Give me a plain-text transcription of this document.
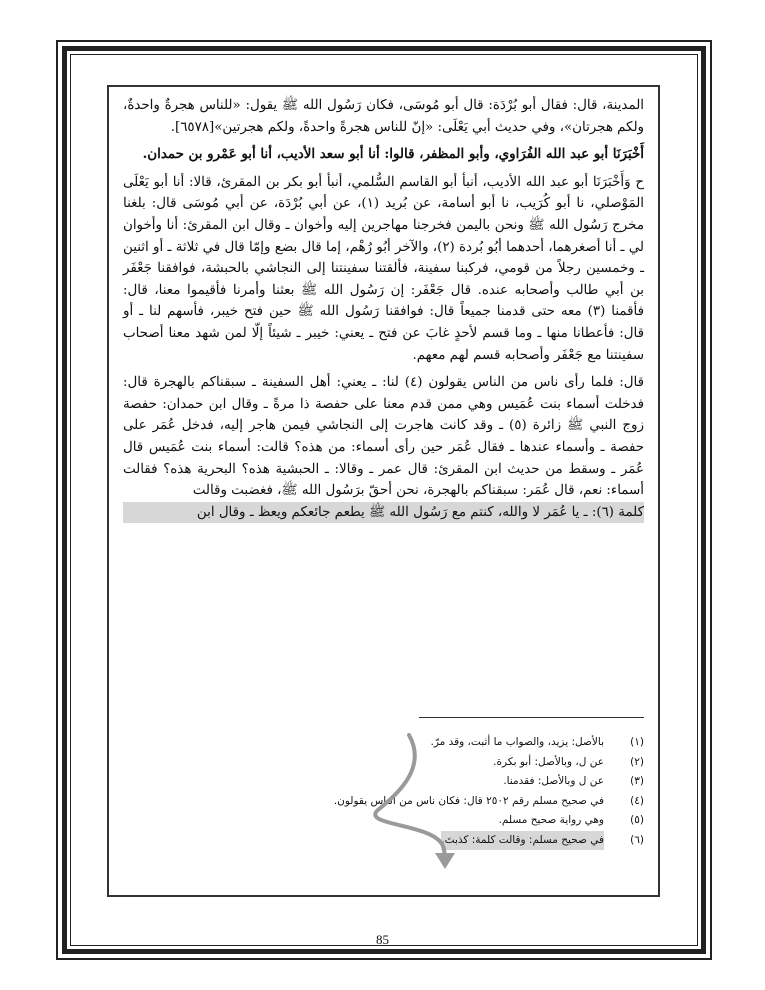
المدينة، قال: فقال أبو بُرْدَة: قال أبو مُوسَى، فكان رَسُول الله ﷺ يقول: «للناس هجرةٌ واحدةٌ، ولكم هجرتان»، وفي حديث أبي يَعْلَى: «إنّ للناس هجرةً واحدةً، ولكم هجرتين»[٦٥٧٨].

أَخْبَرَنَا أبو عبد الله الفُرَاوي، وأبو المظفر، قالوا: أنا أبو سعد الأديب، أنا أبو عَمْرو بن حمدان.

ح وَأَخْبَرَنَا أبو عبد الله الأديب، أنبأ أبو القاسم السُّلمي، أنبأ أبو بكر بن المقرئ، قالا: أنا أبو يَعْلَى المَوْصلي، نا أبو كُرَيب، نا أبو أسامة، عن بُريد (١)، عن أبي بُرْدَة، عن أبي مُوسَى قال: بلغنا مخرج رَسُول الله ﷺ ونحن باليمن فخرجنا مهاجرين إليه وأخوان ـ وقال ابن المقرئ: أنا وأخوان لي ـ أنا أصغرهما، أحدهما أبُو بُردة (٢)، والآخر أبُو رُهْم، إما قال بضع وإمّا قال في ثلاثة ـ أو اثنين ـ وخمسين رجلاً من قومي، فركبنا سفينة، فألقتنا سفينتنا إلى النجاشي بالحبشة، فوافقنا جَعْفَر بن أبي طالب وأصحابه عنده. قال جَعْفَر: إن رَسُول الله ﷺ بعثنا وأمرنا فأقيموا معنا، قال: فأقمنا (٣) معه حتى قدمنا جميعاً قال: فوافقنا رَسُول الله ﷺ حين فتح خيبر، فأسهم لنا ـ أو قال: فأعطانا منها ـ وما قسم لأحدٍ غابَ عن فتح ـ يعني: خيبر ـ شيئاً إلّا لمن شهد معنا أصحاب سفينتنا مع جَعْفَر وأصحابه قسم لهم معهم.

قال: فلما رأى ناس من الناس يقولون (٤) لنا: ـ يعني: أهل السفينة ـ سبقناكم بالهجرة قال: فدخلت أسماء بنت عُمَيس وهي ممن قدم معنا على حفصة ذا مرةً ـ وقال ابن حمدان: حفصة زوج النبي ﷺ زائرة (٥) ـ وقد كانت هاجرت إلى النجاشي فيمن هاجر إليه، فدخل عُمَر على حفصة ـ وأسماء عندها ـ فقال عُمَر حين رأى أسماء: من هذه؟ قالت: أسماء بنت عُمَيس قال عُمَر ـ وسقط من حديث ابن المقرئ: قال عمر ـ وقالا: ـ الحبشية هذه؟ البحرية هذه؟ فقالت أسماء: نعم، قال عُمَر: سبقناكم بالهجرة، نحن أحقّ برَسُول الله ﷺ، فغضبت وقالت

كلمة (٦): ـ يا عُمَر لا والله، كنتم مع رَسُول الله ﷺ يطعم جائعكم ويعظ ـ وقال ابن

(١)
بالأصل: يزيد، والصواب ما أثبت، وقد مرّ.
(٢)
عن ل، وبالأصل: أبو بكرة.
(٣)
عن ل وبالأصل: فقدمنا.
(٤)
في صحيح مسلم رقم ٢٥٠٢ قال: فكان ناس من الناس يقولون.
(٥)
وهي رواية صحيح مسلم.
(٦)
في صحيح مسلم: وقالت كلمة: كذبتَ.
85
